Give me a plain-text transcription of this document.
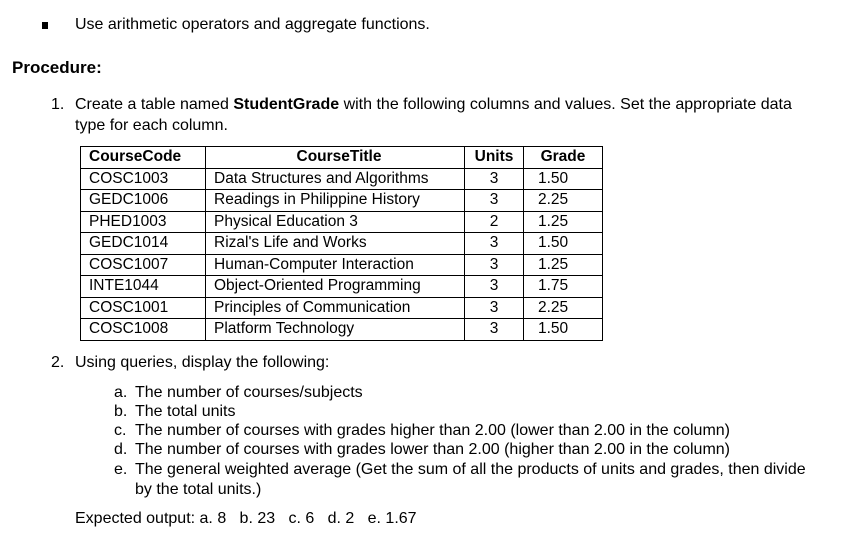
Use arithmetic operators and aggregate functions.
Procedure:
1. Create a table named StudentGrade with the following columns and values. Set the appropriate data
type for each column.
CourseCode	CourseTitle	Units	Grade
COSC1003	Data Structures and Algorithms	3	1.50
GEDC1006	Readings in Philippine History	3	2.25
PHED1003	Physical Education 3	2	1.25
GEDC1014	Rizal's Life and Works	3	1.50
COSC1007	Human-Computer Interaction	3	1.25
INTE1044	Object-Oriented Programming	3	1.75
COSC1001	Principles of Communication	3	2.25
COSC1008	Platform Technology	3	1.50
2. Using queries, display the following:
a. The number of courses/subjects
b. The total units
c. The number of courses with grades higher than 2.00 (lower than 2.00 in the column)
d. The number of courses with grades lower than 2.00 (higher than 2.00 in the column)
e. The general weighted average (Get the sum of all the products of units and grades, then divide
by the total units.)
Expected output: a. 8   b. 23   c. 6   d. 2   e. 1.67
